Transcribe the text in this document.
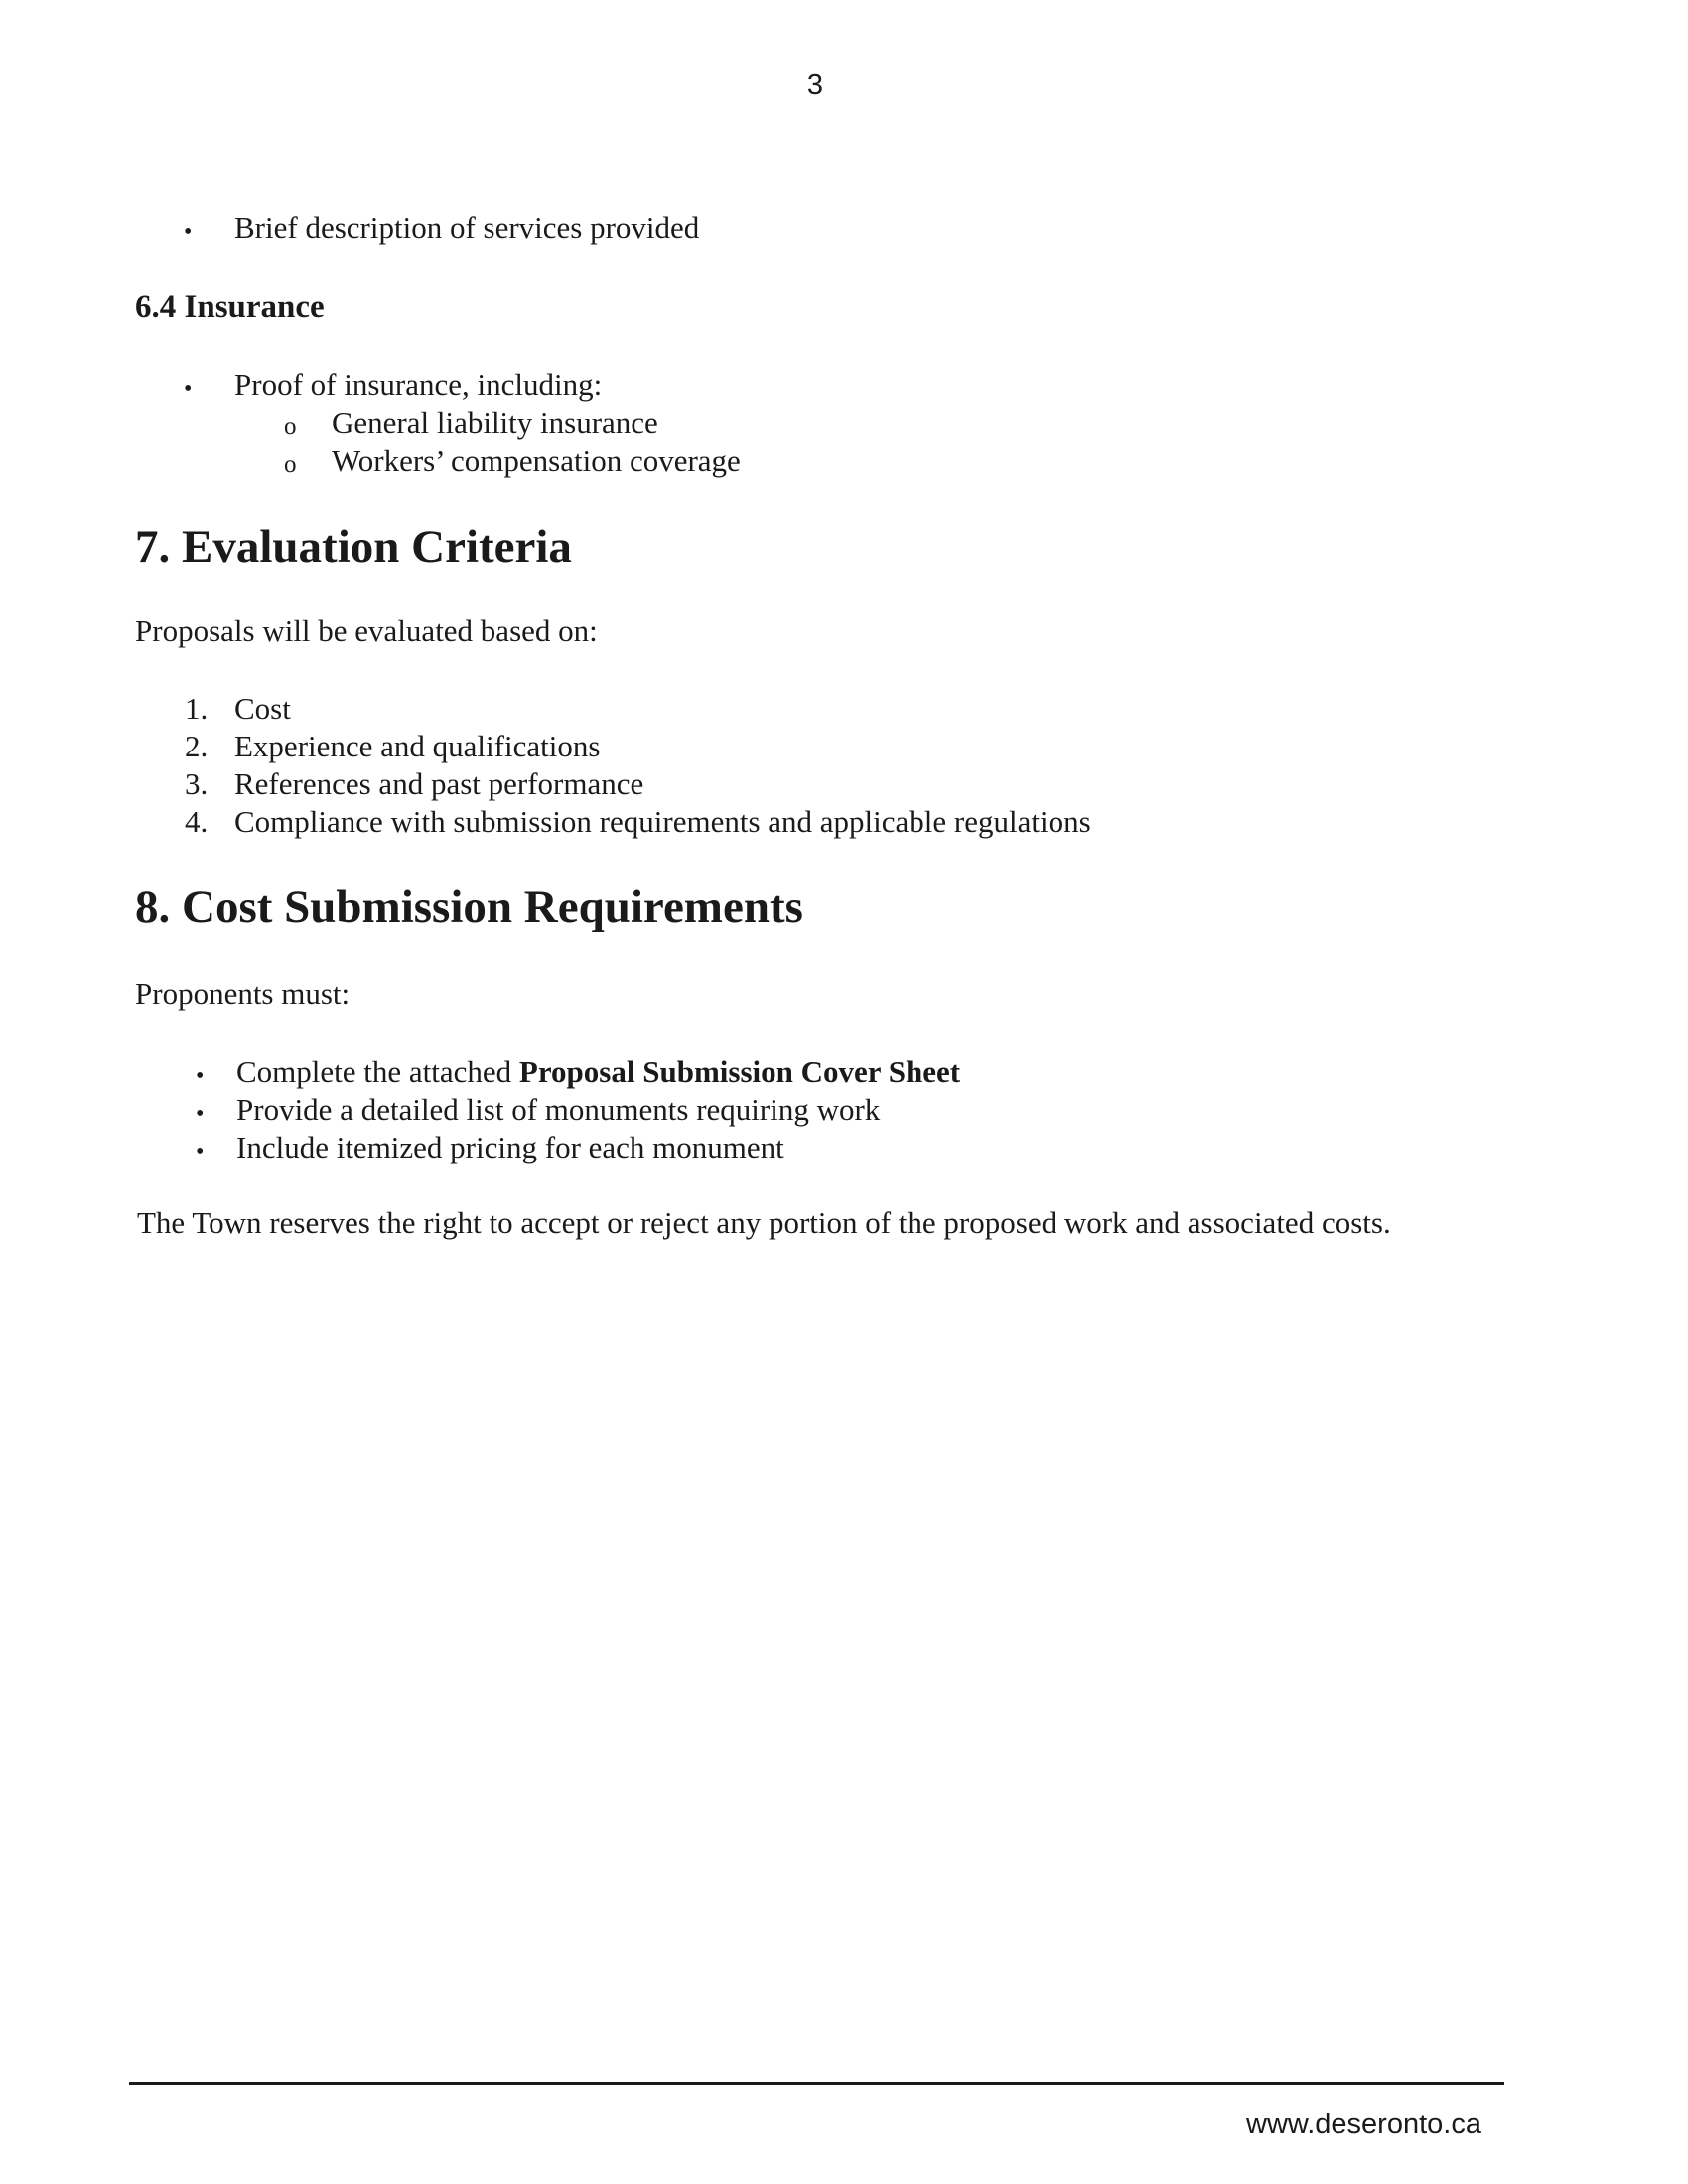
3
• Brief description of services provided
6.4 Insurance
• Proof of insurance, including:
o General liability insurance
o Workers’ compensation coverage
7. Evaluation Criteria
Proposals will be evaluated based on:
1. Cost
2. Experience and qualifications
3. References and past performance
4. Compliance with submission requirements and applicable regulations
8. Cost Submission Requirements
Proponents must:
• Complete the attached Proposal Submission Cover Sheet
• Provide a detailed list of monuments requiring work
• Include itemized pricing for each monument
The Town reserves the right to accept or reject any portion of the proposed work and associated costs.
www.deseronto.ca
